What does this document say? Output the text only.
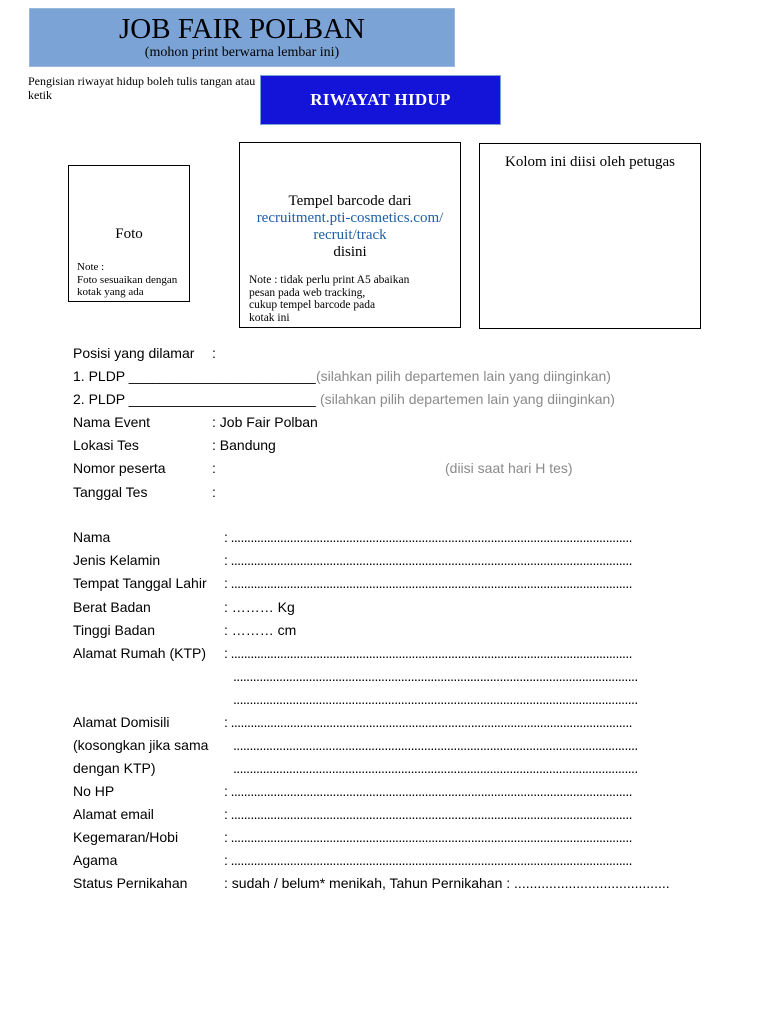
JOB FAIR POLBAN
(mohon print berwarna lembar ini)
Pengisian riwayat hidup boleh tulis tangan atau ketik	RIWAYAT HIDUP
Foto
Note :
Foto sesuaikan dengan
kotak yang ada
Tempel barcode dari
recruitment.pti-cosmetics.com/
recruit/track
disini
Note : tidak perlu print A5 abaikan
pesan pada web tracking,
cukup tempel barcode pada
kotak ini
Kolom ini diisi oleh petugas
Posisi yang dilamar :
1. PLDP ________________________ (silahkan pilih departemen lain yang diinginkan)
2. PLDP ________________________ (silahkan pilih departemen lain yang diinginkan)
Nama Event	: Job Fair Polban
Lokasi Tes	: Bandung
Nomor peserta	:	(diisi saat hari H tes)
Tanggal Tes	:
Nama	: ..........................................................................................................................
Jenis Kelamin	: ..........................................................................................................................
Tempat Tanggal Lahir : ..........................................................................................................................
Berat Badan	: ……… Kg
Tinggi Badan	: ……… cm
Alamat Rumah (KTP) : ..........................................................................................................................
...........................................................................................................................
...........................................................................................................................
Alamat Domisili	: ..........................................................................................................................
(kosongkan jika sama ...........................................................................................................................
dengan KTP)	...........................................................................................................................
No HP	: ..........................................................................................................................
Alamat email	: ..........................................................................................................................
Kegemaran/Hobi	: ..........................................................................................................................
Agama	: ..........................................................................................................................
Status Pernikahan	: sudah / belum* menikah, Tahun Pernikahan : ........................................
